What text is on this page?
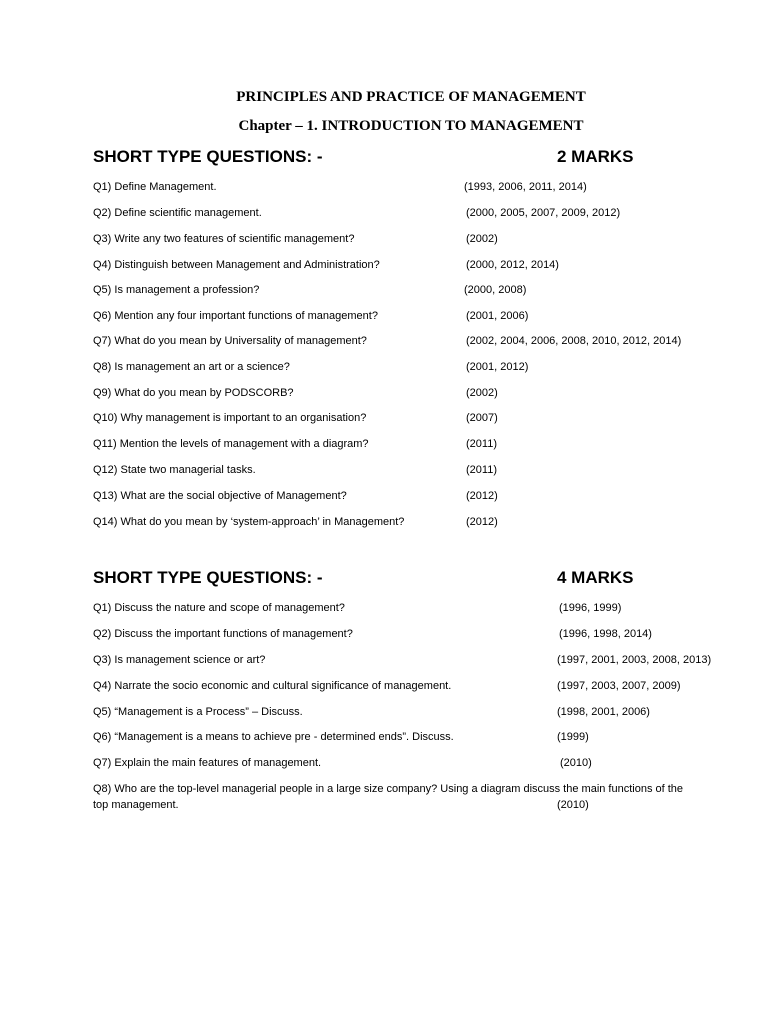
PRINCIPLES AND PRACTICE OF MANAGEMENT
Chapter – 1. INTRODUCTION TO MANAGEMENT
SHORT TYPE QUESTIONS: -	2 MARKS
Q1) Define Management.	(1993, 2006, 2011, 2014)
Q2) Define scientific management.	(2000, 2005, 2007, 2009, 2012)
Q3) Write any two features of scientific management?	(2002)
Q4) Distinguish between Management and Administration?	(2000, 2012, 2014)
Q5) Is management a profession?	(2000, 2008)
Q6) Mention any four important functions of management?	(2001, 2006)
Q7) What do you mean by Universality of management?	(2002, 2004, 2006, 2008, 2010, 2012, 2014)
Q8) Is management an art or a science?	(2001, 2012)
Q9) What do you mean by PODSCORB?	(2002)
Q10) Why management is important to an organisation?	(2007)
Q11) Mention the levels of management with a diagram?	(2011)
Q12) State two managerial tasks.	(2011)
Q13) What are the social objective of Management?	(2012)
Q14) What do you mean by ‘system-approach’ in Management?	(2012)
SHORT TYPE QUESTIONS: -	4 MARKS
Q1) Discuss the nature and scope of management?	(1996, 1999)
Q2) Discuss the important functions of management?	(1996, 1998, 2014)
Q3) Is management science or art?	(1997, 2001, 2003, 2008, 2013)
Q4) Narrate the socio economic and cultural significance of management.	(1997, 2003, 2007, 2009)
Q5) “Management is a Process” – Discuss.	(1998, 2001, 2006)
Q6) “Management is a means to achieve pre - determined ends”. Discuss.	(1999)
Q7) Explain the main features of management.	(2010)
Q8) Who are the top-level managerial people in a large size company? Using a diagram discuss the main functions of the
top management.	(2010)
